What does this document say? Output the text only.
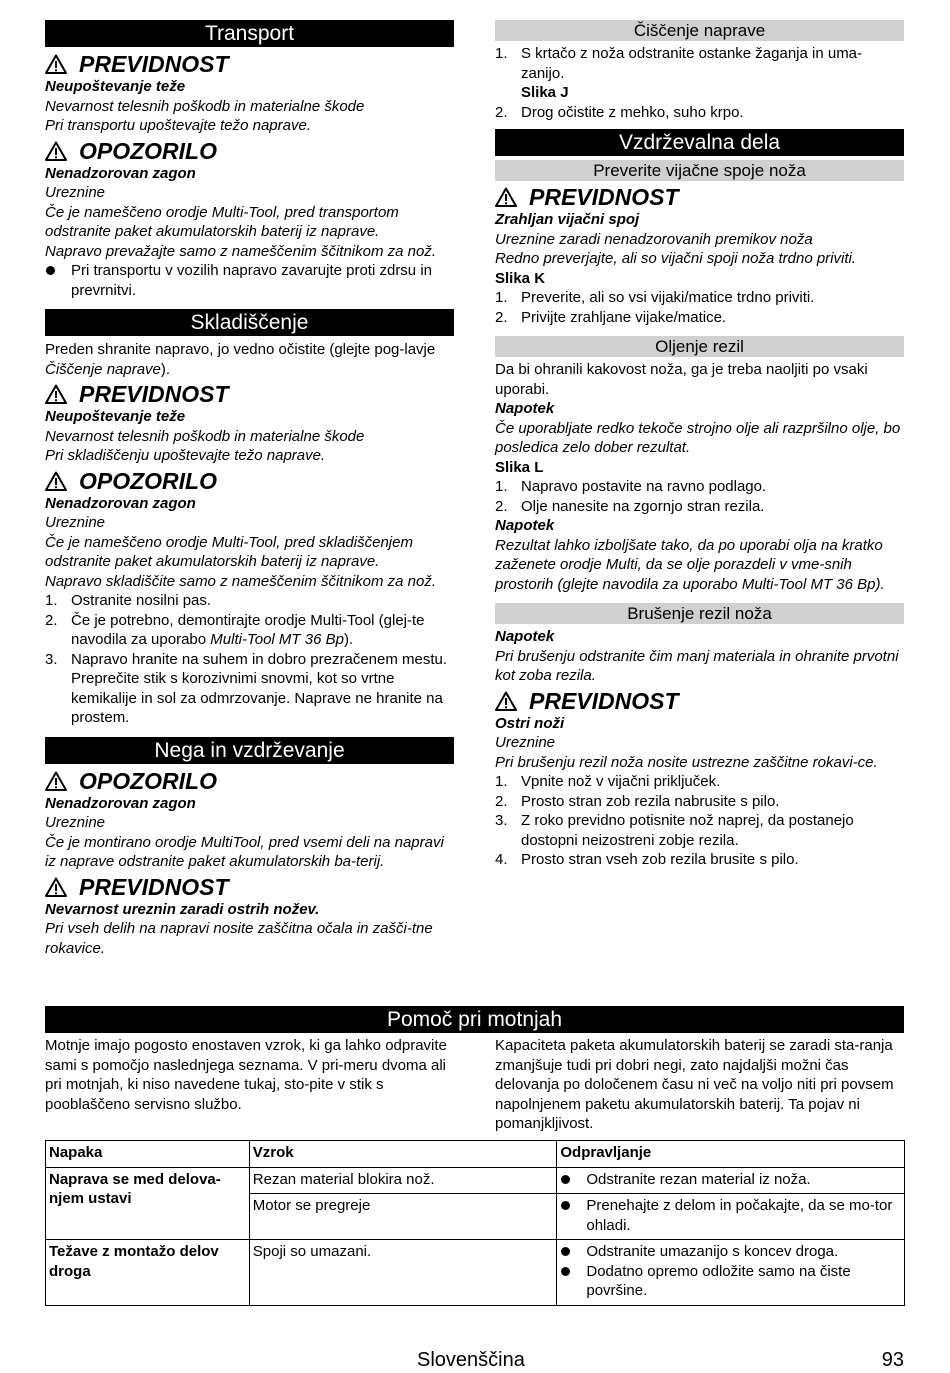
Transport
PREVIDNOST

Neupoštevanje teže

Nevarnost telesnih poškodb in materialne škode

Pri transportu upoštevajte težo naprave.

OPOZORILO

Nenadzorovan zagon

Ureznine

Če je nameščeno orodje Multi-Tool, pred transportom odstranite paket akumulatorskih baterij iz naprave.

Napravo prevažajte samo z nameščenim ščitnikom za nož.

Pri transportu v vozilih napravo zavarujte proti zdrsu in prevrnitvi.
Skladiščenje

Preden shranite napravo, jo vedno očistite (glejte pog-lavje Čiščenje naprave).

PREVIDNOST

Neupoštevanje teže

Nevarnost telesnih poškodb in materialne škode

Pri skladiščenju upoštevajte težo naprave.

OPOZORILO

Nenadzorovan zagon

Ureznine

Če je nameščeno orodje Multi-Tool, pred skladiščenjem odstranite paket akumulatorskih baterij iz naprave.

Napravo skladiščite samo z nameščenim ščitnikom za nož.

1. Ostranite nosilni pas.
2. Če je potrebno, demontirajte orodje Multi-Tool (glej-te navodila za uporabo Multi-Tool MT 36 Bp).
3. Napravo hranite na suhem in dobro prezračenem mestu. Preprečite stik s korozivnimi snovmi, kot so vrtne kemikalije in sol za odmrzovanje. Naprave ne hranite na prostem.
Nega in vzdrževanje
OPOZORILO

Nenadzorovan zagon

Ureznine

Če je montirano orodje MultiTool, pred vsemi deli na napravi iz naprave odstranite paket akumulatorskih ba-terij.

PREVIDNOST

Nevarnost ureznin zaradi ostrih nožev.

Pri vseh delih na napravi nosite zaščitna očala in zašči-tne rokavice.

Čiščenje naprave
1. S krtačo z noža odstranite ostanke žaganja in uma-zanijo.

Slika J

2. Drog očistite z mehko, suho krpo.
Vzdrževalna dela
Preverite vijačne spoje noža
PREVIDNOST

Zrahljan vijačni spoj

Ureznine zaradi nenadzorovanih premikov noža

Redno preverjajte, ali so vijačni spoji noža trdno priviti.

Slika K

1. Preverite, ali so vsi vijaki/matice trdno priviti.
2. Privijte zrahljane vijake/matice.
Oljenje rezil

Da bi ohranili kakovost noža, ga je treba naoljiti po vsaki uporabi.

Napotek

Če uporabljate redko tekoče strojno olje ali razpršilno olje, bo posledica zelo dober rezultat.

Slika L

1. Napravo postavite na ravno podlago.
2. Olje nanesite na zgornjo stran rezila.

Napotek

Rezultat lahko izboljšate tako, da po uporabi olja na kratko zaženete orodje Multi, da se olje porazdeli v vme-snih prostorih (glejte navodila za uporabo Multi-Tool MT 36 Bp).

Brušenje rezil noža

Napotek

Pri brušenju odstranite čim manj materiala in ohranite prvotni kot zoba rezila.

PREVIDNOST

Ostri noži

Ureznine

Pri brušenju rezil noža nosite ustrezne zaščitne rokavi-ce.

1. Vpnite nož v vijačni priključek.
2. Prosto stran zob rezila nabrusite s pilo.
3. Z roko previdno potisnite nož naprej, da postanejo dostopni neizostreni zobje rezila.
4. Prosto stran vseh zob rezila brusite s pilo.
Pomoč pri motnjah
Motnje imajo pogosto enostaven vzrok, ki ga lahko odpravite sami s pomočjo naslednjega seznama. V pri-meru dvoma ali pri motnjah, ki niso navedene tukaj, sto-pite v stik s pooblaščeno servisno službo.
Kapaciteta paketa akumulatorskih baterij se zaradi sta-ranja zmanjšuje tudi pri dobri negi, zato najdaljši možni čas delovanja po določenem času ni več na voljo niti pri povsem napolnjenem paketu akumulatorskih baterij. Ta pojav ni pomanjkljivost.
Napaka	Vzrok	Odpravljanje
Naprava se med delova-njem ustavi	Rezan material blokira nož.	Odstranite rezan material iz noža.

	Motor se pregreje	Prenehajte z delom in počakajte, da se mo-tor ohladi.

Težave z montažo delov droga	Spoji so umazani.	Odstranite umazanijo s koncev droga.
Dodatno opremo odložite samo na čiste površine.
Slovenščina	93
